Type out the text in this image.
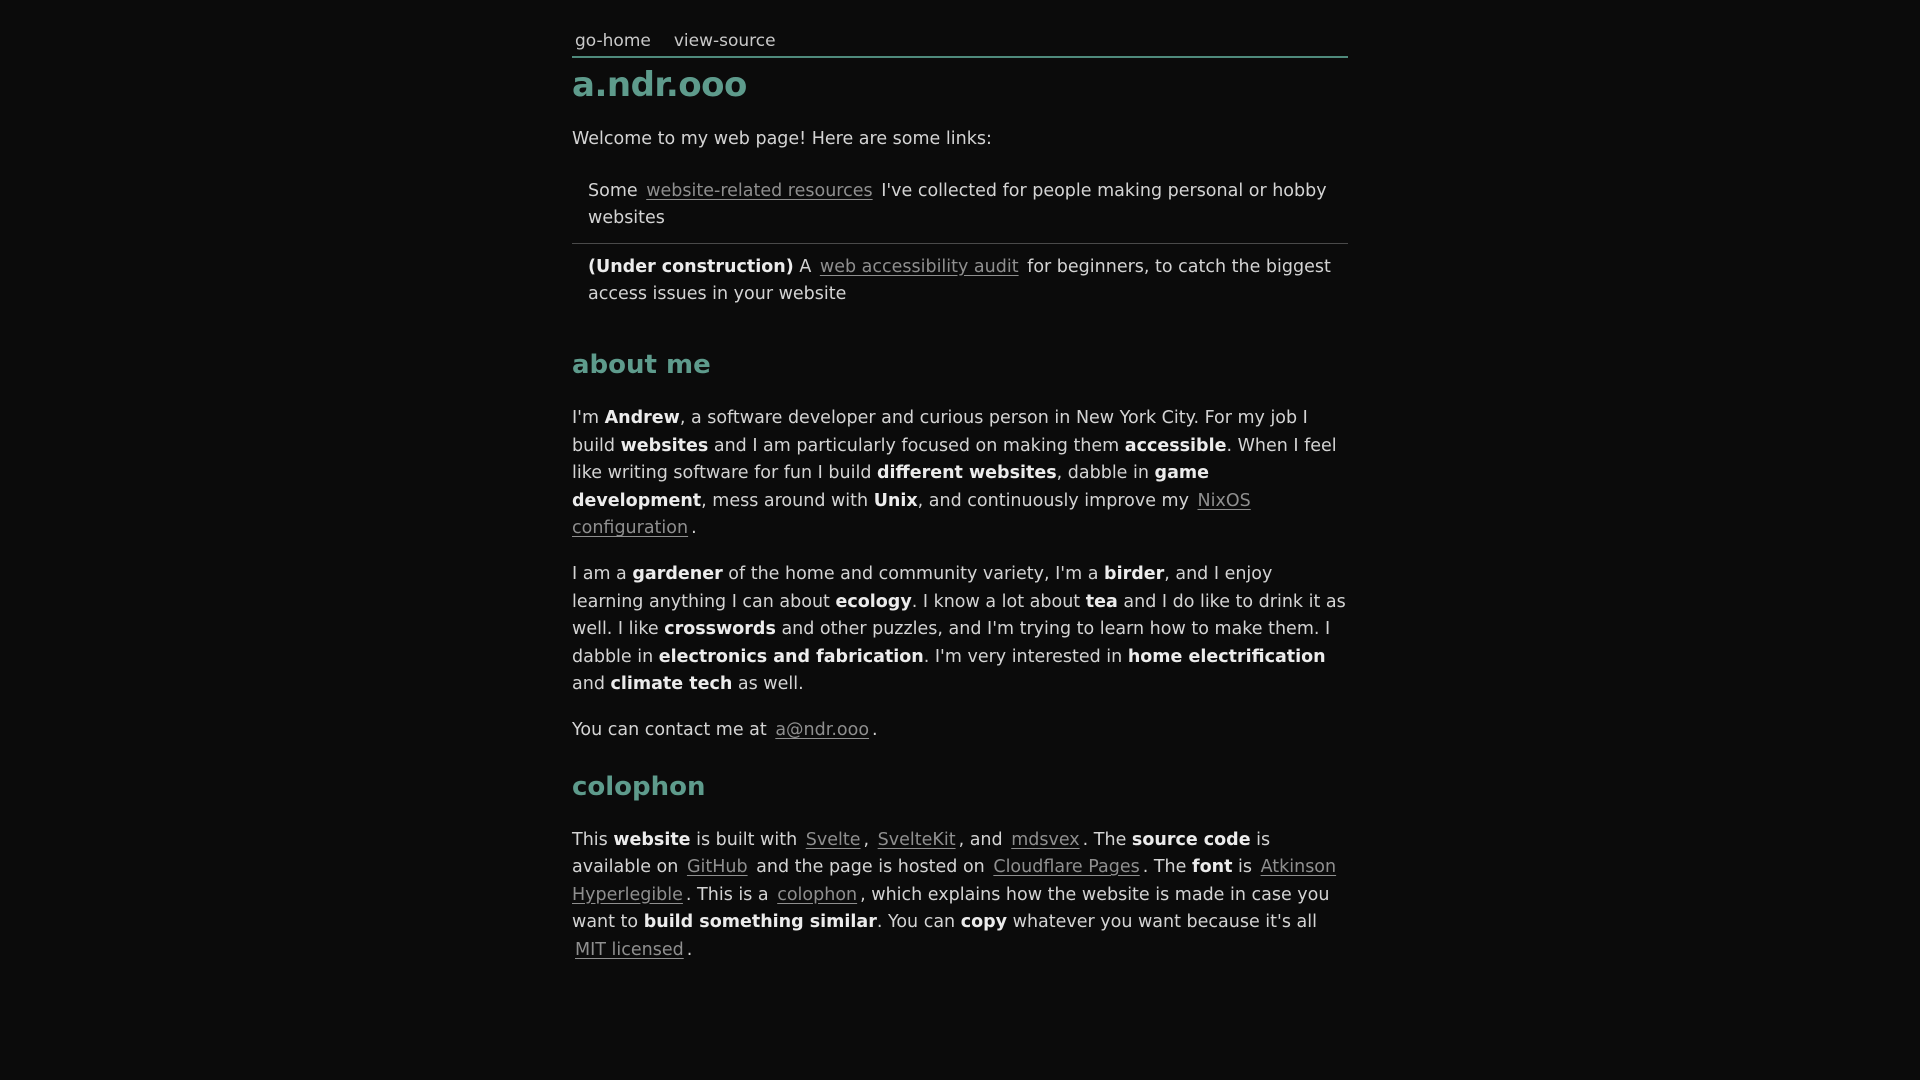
go-home view-source
a.ndr.ooo

Welcome to my web page! Here are some links:

Some website-related resources I've collected for people making personal or hobby websites
(Under construction) A web accessibility audit for beginners, to catch the biggest access issues in your website
about me

I'm Andrew, a software developer and curious person in New York City. For my job I build websites and I am particularly focused on making them accessible. When I feel like writing software for fun I build different websites, dabble in game development, mess around with Unix, and continuously improve my NixOS configuration .

I am a gardener of the home and community variety, I'm a birder, and I enjoy learning anything I can about ecology. I know a lot about tea and I do like to drink it as well. I like crosswords and other puzzles, and I'm trying to learn how to make them. I dabble in electronics and fabrication. I'm very interested in home electrification and climate tech as well.

You can contact me at a@ndr.ooo .

colophon

This website is built with Svelte , SvelteKit , and mdsvex . The source code is available on GitHub and the page is hosted on Cloudflare Pages . The font is Atkinson Hyperlegible . This is a colophon , which explains how the website is made in case you want to build something similar. You can copy whatever you want because it's all MIT licensed .
